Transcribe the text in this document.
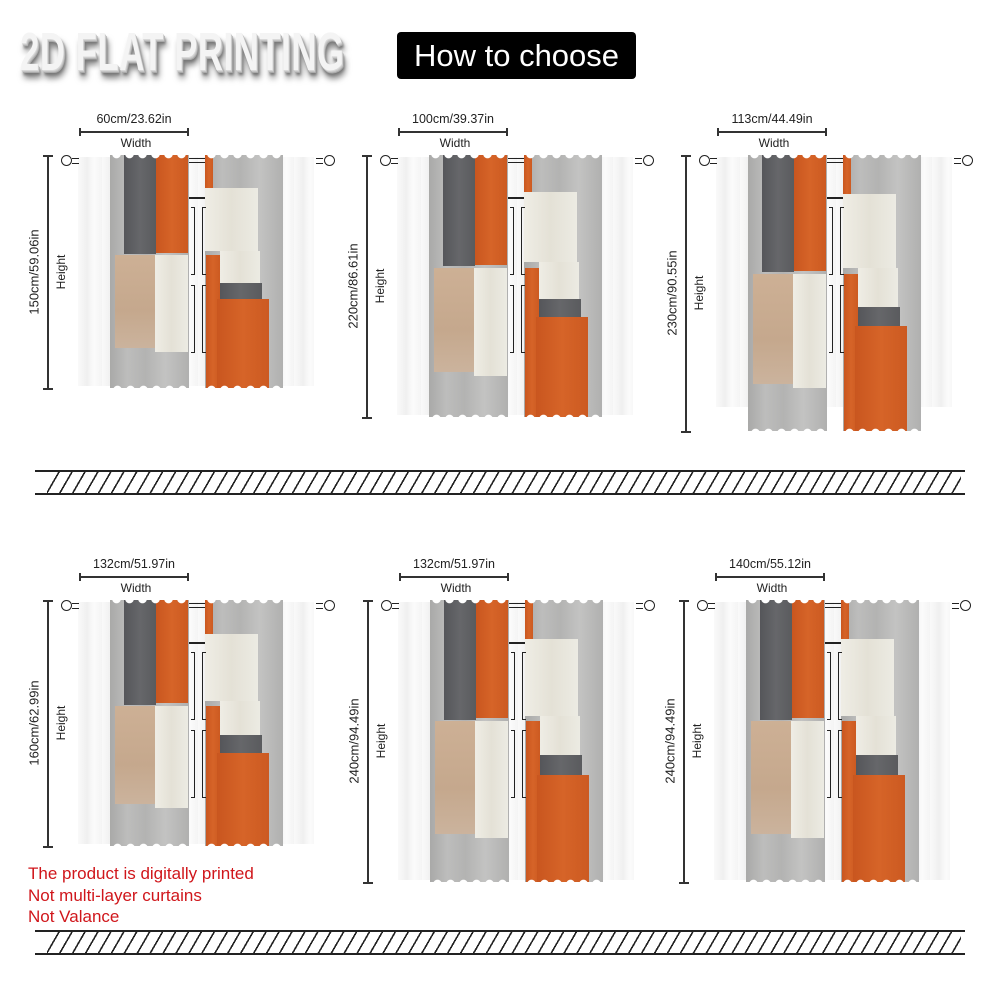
2D FLAT PRINTING	How to choose
60cm/23.62in
Width
150cm/59.06in Height
100cm/39.37in
Width
220cm/86.61in Height
113cm/44.49in
Width
230cm/90.55in Height
132cm/51.97in
Width
160cm/62.99in Height
132cm/51.97in
Width
240cm/94.49in Height
140cm/55.12in
Width
240cm/94.49in Height
The product is digitally printed
Not multi-layer curtains
Not Valance
